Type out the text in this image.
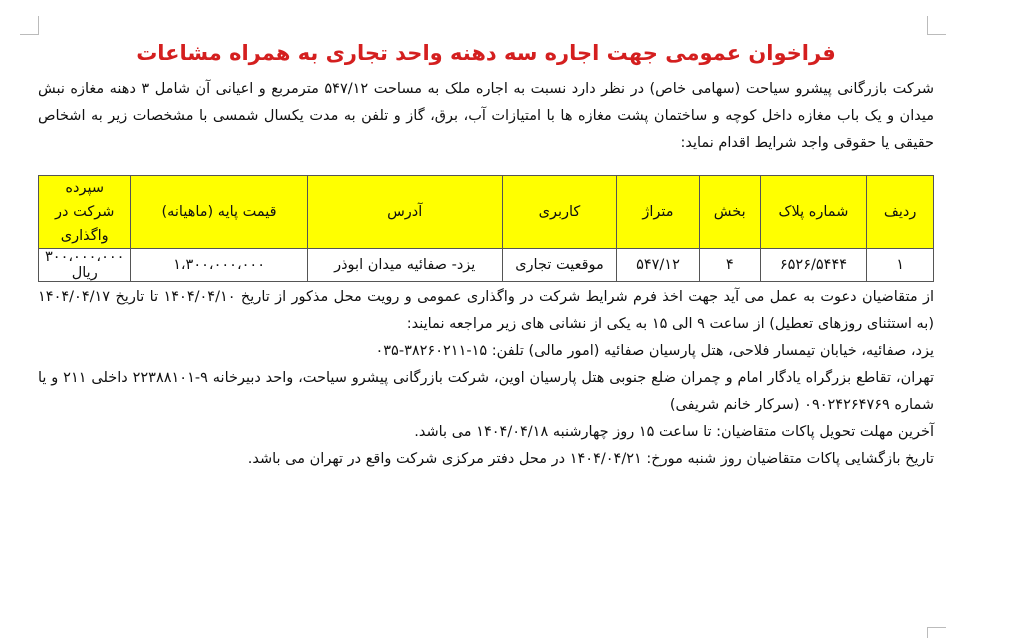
فراخوان عمومی جهت اجاره سه دهنه واحد تجاری به همراه مشاعات

شرکت بازرگانی پیشرو سیاحت (سهامی خاص) در نظر دارد نسبت به اجاره ملک به مساحت ۵۴۷/۱۲ مترمربع و اعیانی آن شامل ۳ دهنه مغازه نبش میدان و یک باب مغازه داخل کوچه و ساختمان پشت مغازه ها با امتیازات آب، برق، گاز و تلفن به مدت یکسال شمسی با مشخصات زیر به اشخاص حقیقی یا حقوقی واجد شرایط اقدام نماید:

ردیف	شماره پلاک	بخش	متراژ	کاربری	آدرس	قیمت پایه (ماهیانه)	سپرده شرکت در واگذاری
۱	۶۵۲۶/۵۴۴۴	۴	۵۴۷/۱۲	موقعیت تجاری	یزد- صفائیه میدان ابوذر	۱،۳۰۰،۰۰۰،۰۰۰	۳۰۰،۰۰۰،۰۰۰ ریال

از متقاضیان دعوت به عمل می آید جهت اخذ فرم شرایط شرکت در واگذاری عمومی و رویت محل مذکور از تاریخ ۱۴۰۴/۰۴/۱۰ تا تاریخ ۱۴۰۴/۰۴/۱۷ (به استثنای روزهای تعطیل) از ساعت ۹ الی ۱۵ به یکی از نشانی های زیر مراجعه نمایند:

یزد، صفائیه، خیابان تیمسار فلاحی، هتل پارسیان صفائیه (امور مالی) تلفن: ۱۵-۳۸۲۶۰۲۱۱-۰۳۵

تهران، تقاطع بزرگراه یادگار امام و چمران ضلع جنوبی هتل پارسیان اوین، شرکت بازرگانی پیشرو سیاحت، واحد دبیرخانه ۹-۲۲۳۸۸۱۰۱ داخلی ۲۱۱ و یا شماره ۰۹۰۲۴۲۶۴۷۶۹ (سرکار خانم شریفی)

آخرین مهلت تحویل پاکات متقاضیان: تا ساعت ۱۵ روز چهارشنبه ۱۴۰۴/۰۴/۱۸ می باشد.

تاریخ بازگشایی پاکات متقاضیان روز شنبه مورخ: ۱۴۰۴/۰۴/۲۱ در محل دفتر مرکزی شرکت واقع در تهران می باشد.
